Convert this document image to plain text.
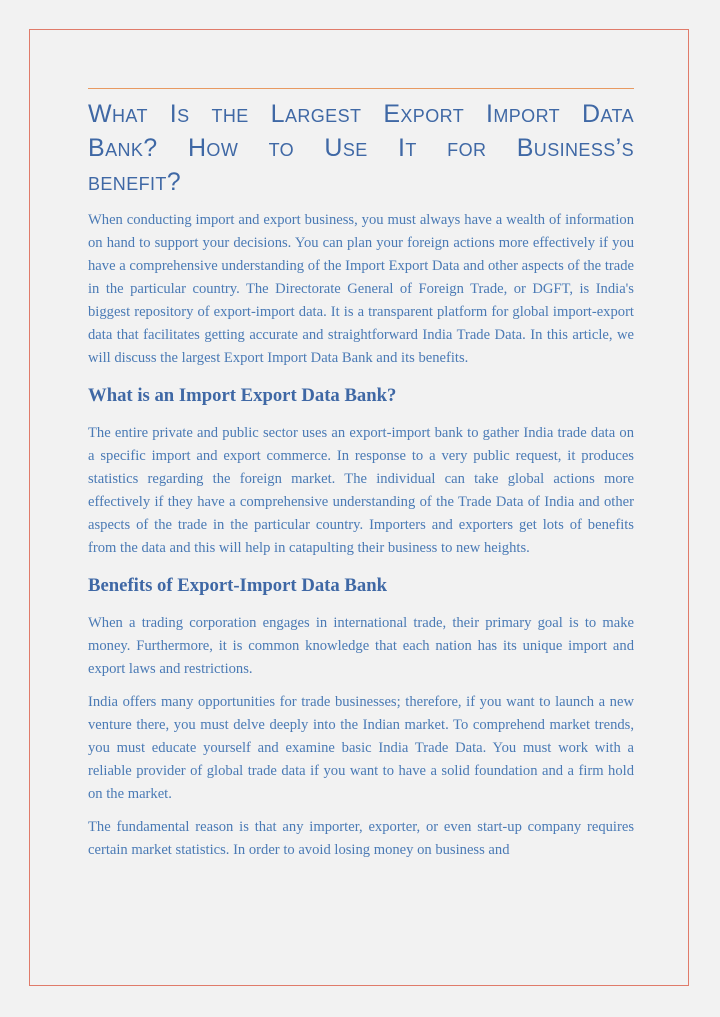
What Is the Largest Export Import Data
Bank? How to Use It for Business’s
benefit?

When conducting import and export business, you must always have a wealth of information on hand to support your decisions. You can plan your foreign actions more effectively if you have a comprehensive understanding of the Import Export Data and other aspects of the trade in the particular country. The Directorate General of Foreign Trade, or DGFT, is India's biggest repository of export-import data. It is a transparent platform for global import-export data that facilitates getting accurate and straightforward India Trade Data. In this article, we will discuss the largest Export Import Data Bank and its benefits.

What is an Import Export Data Bank?

The entire private and public sector uses an export-import bank to gather India trade data on a specific import and export commerce. In response to a very public request, it produces statistics regarding the foreign market. The individual can take global actions more effectively if they have a comprehensive understanding of the Trade Data of India and other aspects of the trade in the particular country. Importers and exporters get lots of benefits from the data and this will help in catapulting their business to new heights.

Benefits of Export-Import Data Bank

When a trading corporation engages in international trade, their primary goal is to make money. Furthermore, it is common knowledge that each nation has its unique import and export laws and restrictions.

India offers many opportunities for trade businesses; therefore, if you want to launch a new venture there, you must delve deeply into the Indian market. To comprehend market trends, you must educate yourself and examine basic India Trade Data. You must work with a reliable provider of global trade data if you want to have a solid foundation and a firm hold on the market.

The fundamental reason is that any importer, exporter, or even start-up company requires certain market statistics. In order to avoid losing money on business and
